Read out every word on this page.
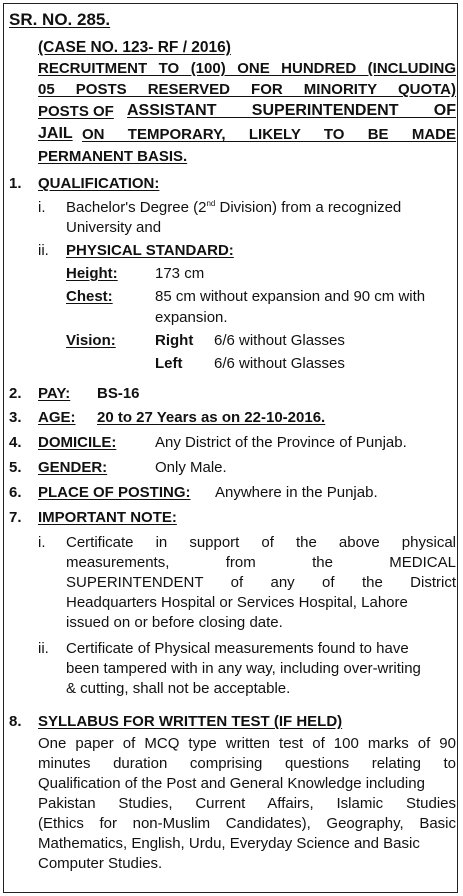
SR. NO. 285.
(CASE NO. 123- RF / 2016)
RECRUITMENT TO (100) ONE HUNDRED (INCLUDING
05 POSTS RESERVED FOR MINORITY QUOTA)
POSTS OF ASSISTANT SUPERINTENDENT OF
JAIL ON TEMPORARY, LIKELY TO BE MADE
PERMANENT BASIS.
1. QUALIFICATION:
i. Bachelor's Degree (2nd Division) from a recognized
University and
ii. PHYSICAL STANDARD:
Height: 173 cm
Chest:	85 cm without expansion and 90 cm with
expansion.
Vision:	Right 6/6 without Glasses
Left 6/6 without Glasses
2. PAY: BS-16
3. AGE: 20 to 27 Years as on 22-10-2016.
4. DOMICILE:	Any District of the Province of Punjab.
5. GENDER:	Only Male.
6. PLACE OF POSTING: Anywhere in the Punjab.
7. IMPORTANT NOTE:
i. Certificate in support of the above physical
measurements, from the MEDICAL
SUPERINTENDENT of any of the District
Headquarters Hospital or Services Hospital, Lahore
issued on or before closing date.
ii. Certificate of Physical measurements found to have
been tampered with in any way, including over-writing
& cutting, shall not be acceptable.
8. SYLLABUS FOR WRITTEN TEST (IF HELD)
One paper of MCQ type written test of 100 marks of 90
minutes duration comprising questions relating to
Qualification of the Post and General Knowledge including
Pakistan Studies, Current Affairs, Islamic Studies
(Ethics for non-Muslim Candidates), Geography, Basic
Mathematics, English, Urdu, Everyday Science and Basic
Computer Studies.
